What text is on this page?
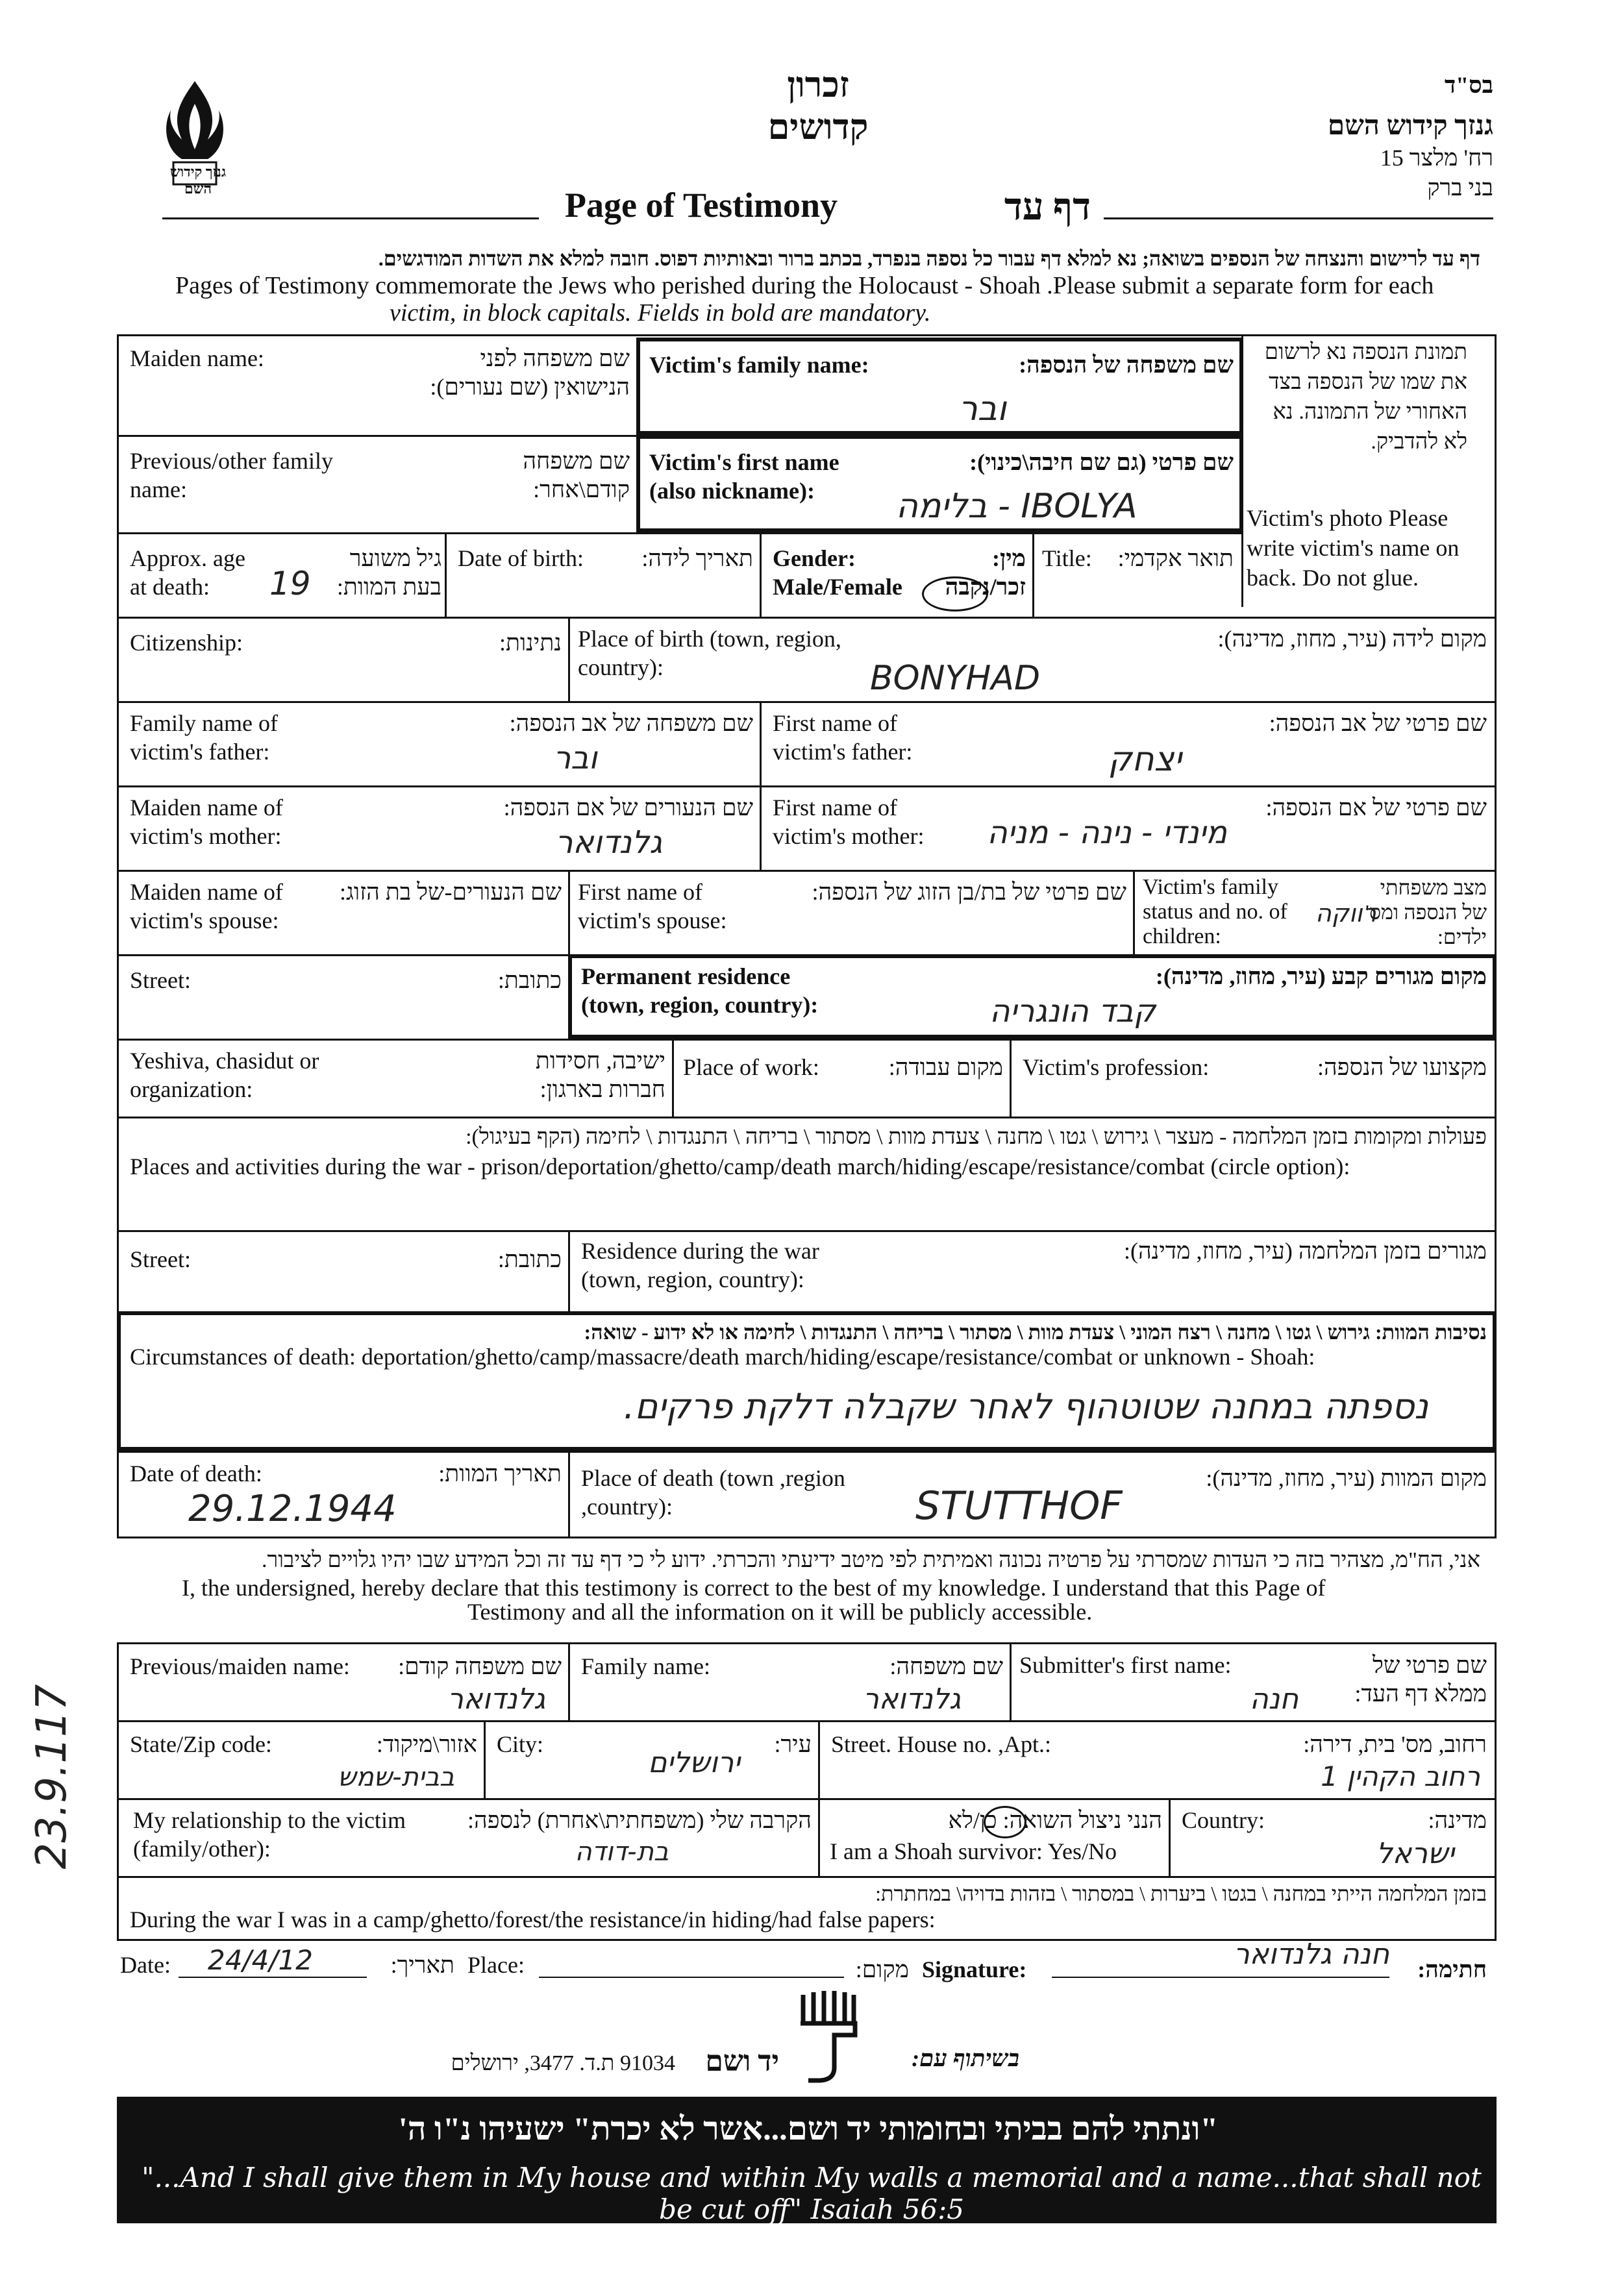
גנזך קידוש השם
בס"ד
גנזך קידוש השם
רח' מלצר 15
בני ברק
זכרון
קדושים
Page of Testimony	דף עד
דף עד לרישום והנצחה של הנספים בשואה; נא למלא דף עבור כל נספה בנפרד, בכתב ברור ובאותיות דפוס. חובה למלא את השדות המודגשים.
Pages of Testimony commemorate the Jews who perished during the Holocaust - Shoah .Please submit a separate form for each
victim, in block capitals. Fields in bold are mandatory.
תמונת הנספה נא לרשום את שמו של הנספה בצד האחורי של התמונה. נא לא להדביק.
Victim's photo Please write victim's name on back. Do not glue.
Maiden name:	שם משפחה לפני הנישואין (שם נעורים):
Victim's family name:	שם משפחה של הנספה:
ובר
Previous/other family name:
שם משפחה קודם\אחר:
Victim's first name (also nickname):
שם פרטי (גם שם חיבה\כינוי):
בלימה - IBOLYA
Approx. age at death:
גיל משוער בעת המוות:
19
Date of birth:	תאריך לידה: Gender: Male/Female
מין: זכר/נקבה
Title:	תואר אקדמי:
Citizenship:	נתינות: Place of birth (town, region, country):
מקום לידה (עיר, מחוז, מדינה):
BONYHAD
Family name of victim's father:
שם משפחה של אב הנספה:
ובר
First name of victim's father:
שם פרטי של אב הנספה:
יצחק
Maiden name of victim's mother:
שם הנעורים של אם הנספה:
גלנדואר
First name of victim's mother:
שם פרטי של אם הנספה:
מינדי - נינה - מניה
Maiden name of victim's spouse:
שם הנעורים-של בת הזוג: First name of victim's spouse:
שם פרטי של בת/בן הזוג של הנספה: Victim's family status and no. of children:
מצב משפחתי של הנספה ומס' ילדים:
רווקה
Street:	כתובת: Permanent residence (town, region, country):
מקום מגורים קבע (עיר, מחוז, מדינה):
קבד הונגריה
Yeshiva, chasidut or organization:
ישיבה, חסידות חברות בארגון:
Place of work:	מקום עבודה: Victim's profession:	מקצועו של הנספה:
פעולות ומקומות בזמן המלחמה - מעצר \ גירוש \ גטו \ מחנה \ צעדת מוות \ מסתור \ בריחה \ התנגדות \ לחימה (הקף בעיגול):
Places and activities during the war - prison/deportation/ghetto/camp/death march/hiding/escape/resistance/combat (circle option):
Street:	כתובת: Residence during the war (town, region, country):
מגורים בזמן המלחמה (עיר, מחוז, מדינה):
נסיבות המוות: גירוש \ גטו \ מחנה \ רצח המוני \ צעדת מוות \ מסתור \ בריחה \ התנגדות \ לחימה או לא ידוע - שואה:
Circumstances of death: deportation/ghetto/camp/massacre/death march/hiding/escape/resistance/combat or unknown - Shoah:
נספתה במחנה שטוטהוף לאחר שקבלה דלקת פרקים.
Date of death:	תאריך המוות:
29.12.1944
Place of death (town ,region ,country):
מקום המוות (עיר, מחוז, מדינה):
STUTTHOF
אני, הח"מ, מצהיר בזה כי העדות שמסרתי על פרטיה נכונה ואמיתית לפי מיטב ידיעתי והכרתי. ידוע לי כי דף עד זה וכל המידע שבו יהיו גלויים לציבור.
I, the undersigned, hereby declare that this testimony is correct to the best of my knowledge. I understand that this Page of
Testimony and all the information on it will be publicly accessible.
Previous/maiden name:	שם משפחה קודם:
גלנדואר
Family name:	שם משפחה:
גלנדואר
Submitter's first name:	שם פרטי של ממלא דף העד:
חנה
State/Zip code:	אזור\מיקוד:
בבית-שמש
City:	עיר:
ירושלים
Street. House no. ,Apt.:	רחוב, מס' בית, דירה:
רחוב הקהין 1
My relationship to the victim (family/other):
הקרבה שלי (משפחתית\אחרת) לנספה:
בת-דודה
הנני ניצול השואה: כן/לא
I am a Shoah survivor: Yes/No
Country:	מדינה:
ישראל
בזמן המלחמה הייתי במחנה \ בגטו \ ביערות \ במסתור \ בזהות בדויה\ במחתרת:
During the war I was in a camp/ghetto/forest/the resistance/in hiding/had false papers:
Date: 24/4/12	תאריך: Place:	מקום: Signature:	חנה גלנדואר	חתימה:
בשיתוף עם:
יד ושם
91034 ת.ד. 3477, ירושלים
"ונתתי להם בביתי ובחומותי יד ושם...אשר לא יכרת" ישעיהו נ"ו ה'
"...And I shall give them in My house and within My walls a memorial and a name...that shall not be cut off" Isaiah 56:5
23.9.117
